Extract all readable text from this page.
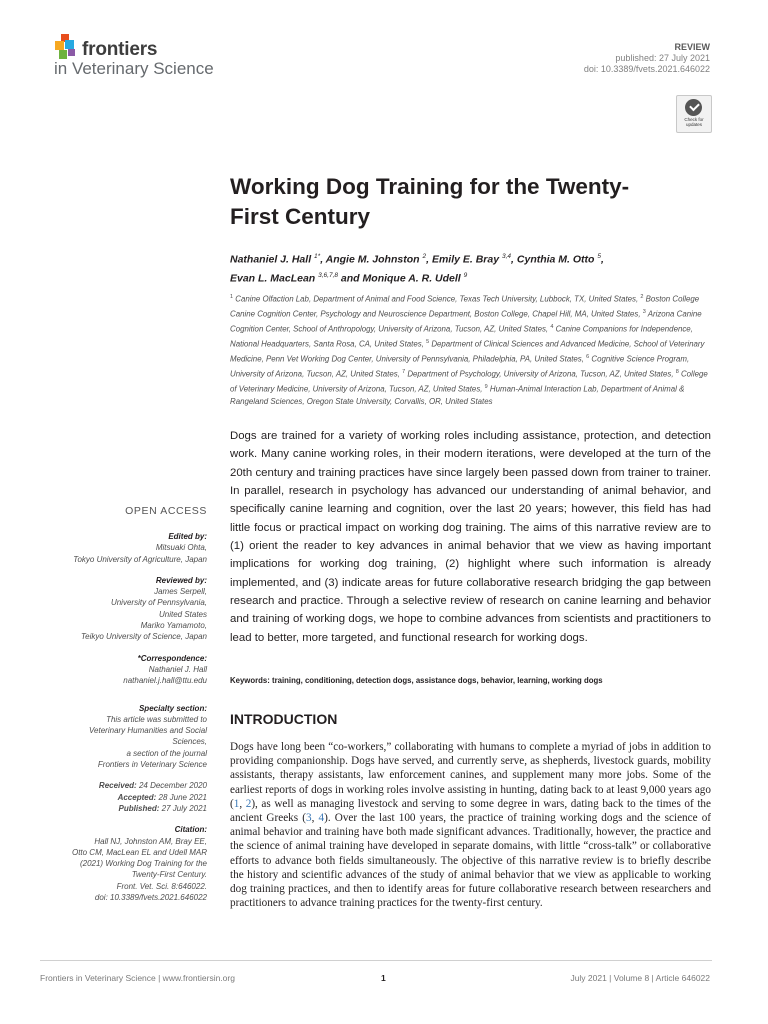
frontiers
in Veterinary Science
REVIEW
published: 27 July 2021
doi: 10.3389/fvets.2021.646022
Check for updates
Working Dog Training for the Twenty-First Century
Nathaniel J. Hall $^{1*}$, Angie M. Johnston $^2$, Emily E. Bray $^{3,4}$, Cynthia M. Otto $^5$,
Evan L. MacLean $^{3,6,7,8}$ and Monique A. R. Udell $^9$
$^1$ Canine Olfaction Lab, Department of Animal and Food Science, Texas Tech University, Lubbock, TX, United States, $^2$ Boston College Canine Cognition Center, Psychology and Neuroscience Department, Boston College, Chapel Hill, MA, United States, $^3$ Arizona Canine Cognition Center, School of Anthropology, University of Arizona, Tucson, AZ, United States, $^4$ Canine Companions for Independence, National Headquarters, Santa Rosa, CA, United States, $^5$ Department of Clinical Sciences and Advanced Medicine, School of Veterinary Medicine, Penn Vet Working Dog Center, University of Pennsylvania, Philadelphia, PA, United States, $^6$ Cognitive Science Program, University of Arizona, Tucson, AZ, United States, $^7$ Department of Psychology, University of Arizona, Tucson, AZ, United States, $^8$ College of Veterinary Medicine, University of Arizona, Tucson, AZ, United States, $^9$ Human-Animal Interaction Lab, Department of Animal & Rangeland Sciences, Oregon State University, Corvallis, OR, United States

Dogs are trained for a variety of working roles including assistance, protection, and detection work. Many canine working roles, in their modern iterations, were developed at the turn of the 20th century and training practices have since largely been passed down from trainer to trainer. In parallel, research in psychology has advanced our understanding of animal behavior, and specifically canine learning and cognition, over the last 20 years; however, this field has had little focus or practical impact on working dog training. The aims of this narrative review are to (1) orient the reader to key advances in animal behavior that we view as having important implications for working dog training, (2) highlight where such information is already implemented, and (3) indicate areas for future collaborative research bridging the gap between research and practice. Through a selective review of research on canine learning and behavior and training of working dogs, we hope to combine advances from scientists and practitioners to lead to better, more targeted, and functional research for working dogs.

Keywords: training, conditioning, detection dogs, assistance dogs, behavior, learning, working dogs
OPEN ACCESS
Edited by:
Mitsuaki Ohta,
Tokyo University of Agriculture, Japan
Reviewed by:
James Serpell,
University of Pennsylvania,
United States
Mariko Yamamoto,
Teikyo University of Science, Japan
*Correspondence:
Nathaniel J. Hall
nathaniel.j.hall@ttu.edu
Specialty section:
This article was submitted to
Veterinary Humanities and Social
Sciences,
a section of the journal
Frontiers in Veterinary Science
Received: 24 December 2020
Accepted: 28 June 2021
Published: 27 July 2021
Citation:
Hall NJ, Johnston AM, Bray EE,
Otto CM, MacLean EL and Udell MAR
(2021) Working Dog Training for the
Twenty-First Century.
Front. Vet. Sci. 8:646022.
doi: 10.3389/fvets.2021.646022
INTRODUCTION

Dogs have long been “co-workers,” collaborating with humans to complete a myriad of jobs in addition to providing companionship. Dogs have served, and currently serve, as shepherds, livestock guards, mobility assistants, therapy assistants, law enforcement canines, and supplement many more jobs. Some of the earliest reports of dogs in working roles involve assisting in hunting, dating back to at least 9,000 years ago (1, 2), as well as managing livestock and serving to some degree in wars, dating back to the times of the ancient Greeks (3, 4). Over the last 100 years, the practice of training working dogs and the science of animal behavior and training have both made significant advances. Traditionally, however, the practice and the science of animal training have developed in separate domains, with little “cross-talk” or collaborative efforts to advance both fields simultaneously. The objective of this narrative review is to briefly describe the history and scientific advances of the study of animal behavior that we view as applicable to working dog training practices, and then to identify areas for future collaborative research between researchers and practitioners to advance training practices for the twenty-first century.

Frontiers in Veterinary Science | www.frontiersin.org	1	July 2021 | Volume 8 | Article 646022
